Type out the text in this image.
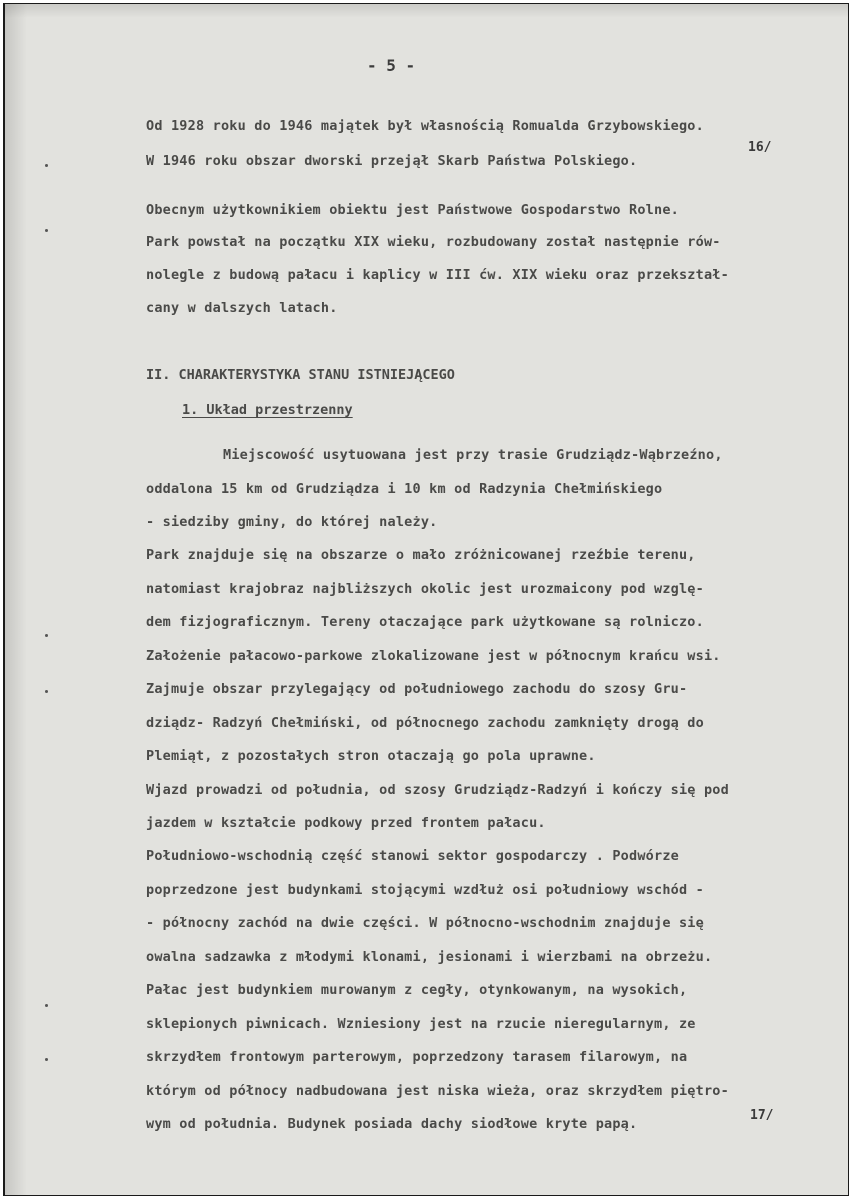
- 5 -
Od 1928 roku do 1946 majątek był własnością Romualda Grzybowskiego.
W 1946 roku obszar dworski przejął Skarb Państwa Polskiego.
16/
Obecnym użytkownikiem obiektu jest Państwowe Gospodarstwo Rolne.
Park powstał na początku XIX wieku, rozbudowany został następnie rów-
nolegle z budową pałacu i kaplicy w III ćw. XIX wieku oraz przekształ-
cany w dalszych latach.
II. CHARAKTERYSTYKA STANU ISTNIEJĄCEGO
1. Układ przestrzenny
Miejscowość usytuowana jest przy trasie Grudziądz-Wąbrzeźno,
oddalona 15 km od Grudziądza i 10 km od Radzynia Chełmińskiego
- siedziby gminy, do której należy.
Park znajduje się na obszarze o mało zróżnicowanej rzeźbie terenu,
natomiast krajobraz najbliższych okolic jest urozmaicony pod wzglę-
dem fizjograficznym. Tereny otaczające park użytkowane są rolniczo.
Założenie pałacowo-parkowe zlokalizowane jest w północnym krańcu wsi.
Zajmuje obszar przylegający od południowego zachodu do szosy Gru-
dziądz- Radzyń Chełmiński, od północnego zachodu zamknięty drogą do
Plemiąt, z pozostałych stron otaczają go pola uprawne.
Wjazd prowadzi od południa, od szosy Grudziądz-Radzyń i kończy się pod
jazdem w kształcie podkowy przed frontem pałacu.
Południowo-wschodnią część stanowi sektor gospodarczy . Podwórze
poprzedzone jest budynkami stojącymi wzdłuż osi południowy wschód -
- północny zachód na dwie części. W północno-wschodnim znajduje się
owalna sadzawka z młodymi klonami, jesionami i wierzbami na obrzeżu.
Pałac jest budynkiem murowanym z cegły, otynkowanym, na wysokich,
sklepionych piwnicach. Wzniesiony jest na rzucie nieregularnym, ze
skrzydłem frontowym parterowym, poprzedzony tarasem filarowym, na
którym od północy nadbudowana jest niska wieża, oraz skrzydłem piętro-
wym od południa. Budynek posiada dachy siodłowe kryte papą.
17/
